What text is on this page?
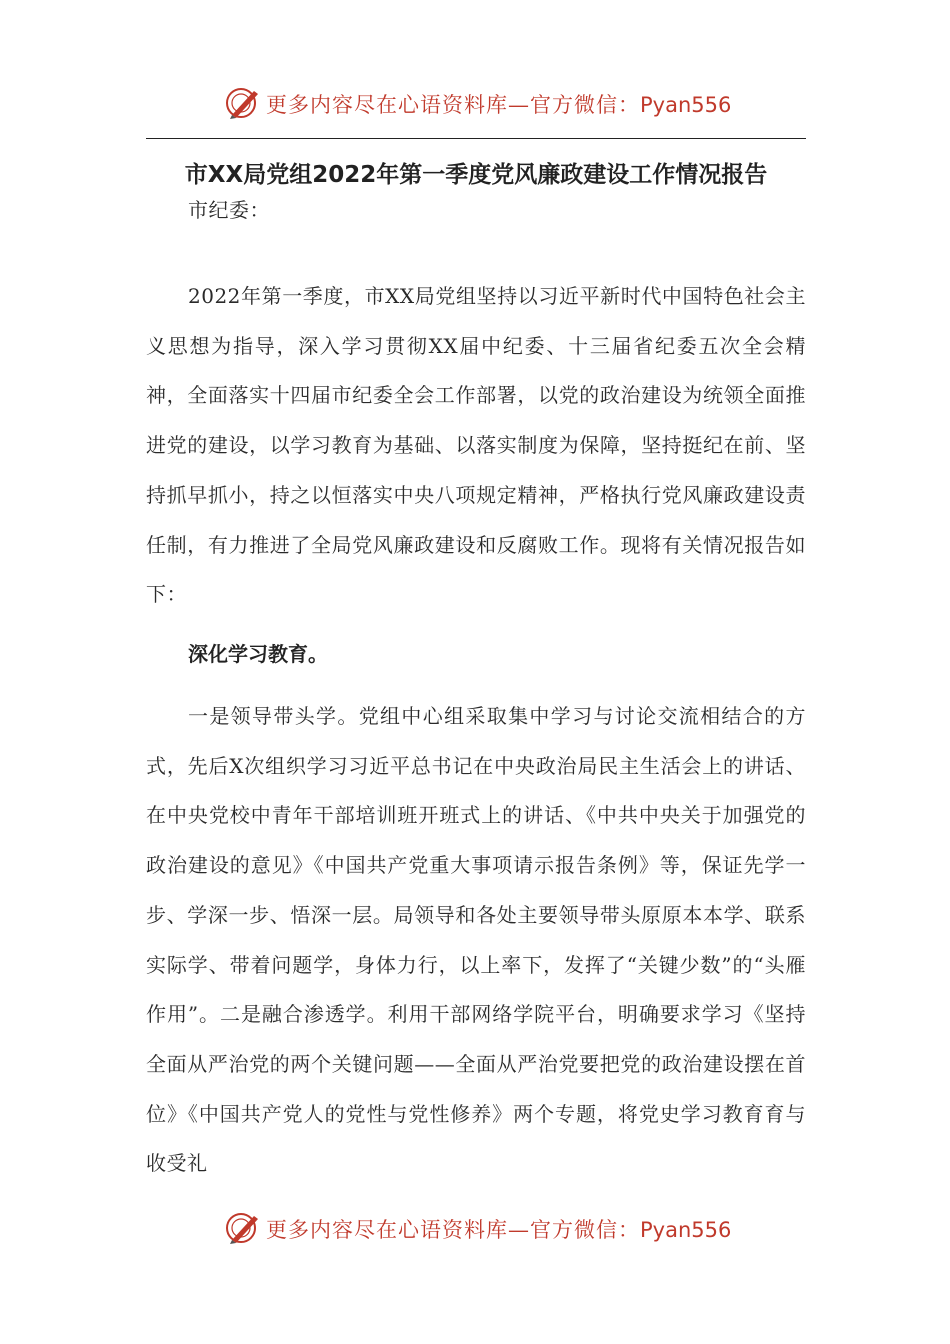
更多内容尽在心语资料库—官方微信：Pyan556
市XX局党组2022年第一季度党风廉政建设工作情况报告
市纪委：
2022年第一季度，市XX局党组坚持以习近平新时代中国特色社会主义思想为指导，深入学习贯彻XX届中纪委、十三届省纪委五次全会精神，全面落实十四届市纪委全会工作部署，以党的政治建设为统领全面推进党的建设，以学习教育为基础、以落实制度为保障，坚持挺纪在前、坚持抓早抓小，持之以恒落实中央八项规定精神，严格执行党风廉政建设责任制，有力推进了全局党风廉政建设和反腐败工作。现将有关情况报告如下：
深化学习教育。
一是领导带头学。党组中心组采取集中学习与讨论交流相结合的方式，先后X次组织学习习近平总书记在中央政治局民主生活会上的讲话、在中央党校中青年干部培训班开班式上的讲话、《中共中央关于加强党的政治建设的意见》《中国共产党重大事项请示报告条例》等，保证先学一步、学深一步、悟深一层。局领导和各处主要领导带头原原本本学、联系实际学、带着问题学，身体力行，以上率下，发挥了“关键少数”的“头雁作用”。二是融合渗透学。利用干部网络学院平台，明确要求学习《坚持全面从严治党的两个关键问题——全面从严治党要把党的政治建设摆在首位》《中国共产党人的党性与党性修养》两个专题，将党史学习教育育与收受礼
更多内容尽在心语资料库—官方微信：Pyan556
